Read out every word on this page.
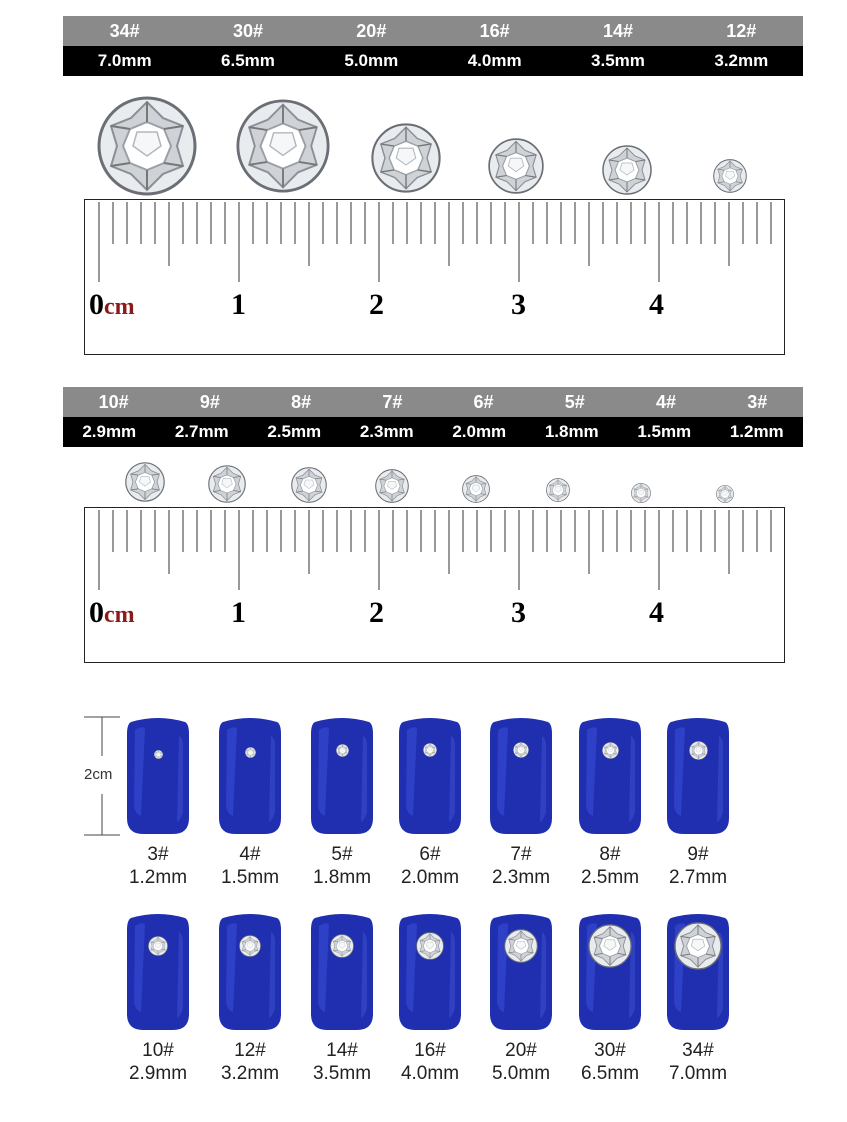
34#	30#	20#	16#	14#	12#
7.0mm	6.5mm	5.0mm	4.0mm	3.5mm	3.2mm
0cm	1	2	3	4
10#	9#	8#	7#	6#	5#	4#	3#
2.9mm 2.7mm 2.5mm 2.3mm 2.0mm 1.8mm 1.5mm 1.2mm
0cm	1	2	3	4
2cm
3#
1.2mm
4#
1.5mm
5#
1.8mm
6#
2.0mm
7#
2.3mm
8#
2.5mm
9#
2.7mm
10#
2.9mm
12#
3.2mm
14#
3.5mm
16#
4.0mm
20#
5.0mm
30#
6.5mm
34#
7.0mm
